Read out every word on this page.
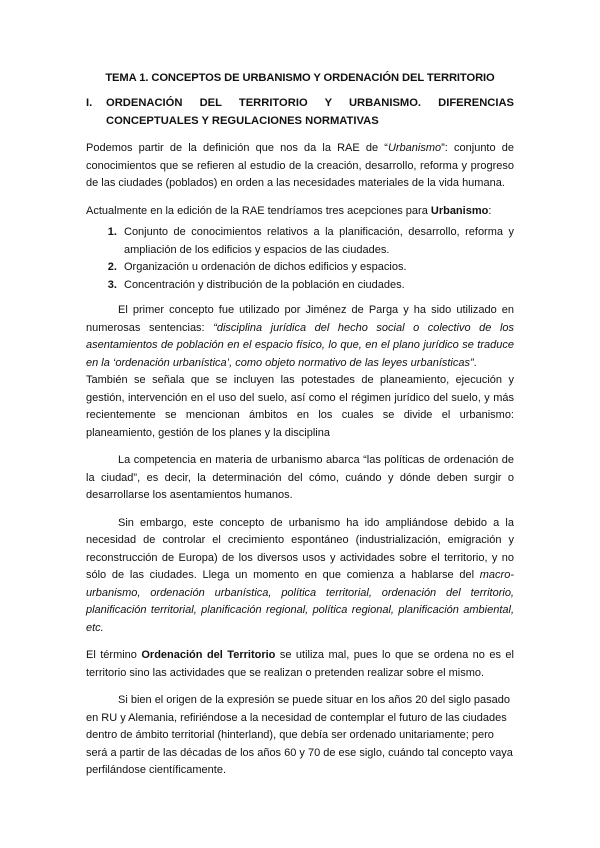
TEMA 1. CONCEPTOS DE URBANISMO Y ORDENACIÓN DEL TERRITORIO
I.	ORDENACIÓN DEL TERRITORIO Y URBANISMO. DIFERENCIAS CONCEPTUALES Y REGULACIONES NORMATIVAS

Podemos partir de la definición que nos da la RAE de “Urbanismo”: conjunto de conocimientos que se refieren al estudio de la creación, desarrollo, reforma y progreso de las ciudades (poblados) en orden a las necesidades materiales de la vida humana.

Actualmente en la edición de la RAE tendríamos tres acepciones para Urbanismo:

1. Conjunto de conocimientos relativos a la planificación, desarrollo, reforma y ampliación de los edificios y espacios de las ciudades.
2. Organización u ordenación de dichos edificios y espacios.
3. Concentración y distribución de la población en ciudades.

El primer concepto fue utilizado por Jiménez de Parga y ha sido utilizado en numerosas sentencias: “disciplina jurídica del hecho social o colectivo de los asentamientos de población en el espacio físico, lo que, en el plano jurídico se traduce en la ‘ordenación urbanística’, como objeto normativo de las leyes urbanísticas”.

También se señala que se incluyen las potestades de planeamiento, ejecución y gestión, intervención en el uso del suelo, así como el régimen jurídico del suelo, y más recientemente se mencionan ámbitos en los cuales se divide el urbanismo: planeamiento, gestión de los planes y la disciplina

La competencia en materia de urbanismo abarca “las políticas de ordenación de la ciudad”, es decir, la determinación del cómo, cuándo y dónde deben surgir o desarrollarse los asentamientos humanos.

Sin embargo, este concepto de urbanismo ha ido ampliándose debido a la necesidad de controlar el crecimiento espontáneo (industrialización, emigración y reconstrucción de Europa) de los diversos usos y actividades sobre el territorio, y no sólo de las ciudades. Llega un momento en que comienza a hablarse del macro-urbanismo, ordenación urbanística, política territorial, ordenación del territorio, planificación territorial, planificación regional, política regional, planificación ambiental, etc.

El término Ordenación del Territorio se utiliza mal, pues lo que se ordena no es el territorio sino las actividades que se realizan o pretenden realizar sobre el mismo.

Si bien el origen de la expresión se puede situar en los años 20 del siglo pasado en RU y Alemania, refiriéndose a la necesidad de contemplar el futuro de las ciudades dentro de ámbito territorial (hinterland), que debía ser ordenado unitariamente; pero será a partir de las décadas de los años 60 y 70 de ese siglo, cuándo tal concepto vaya perfilándose científicamente.
